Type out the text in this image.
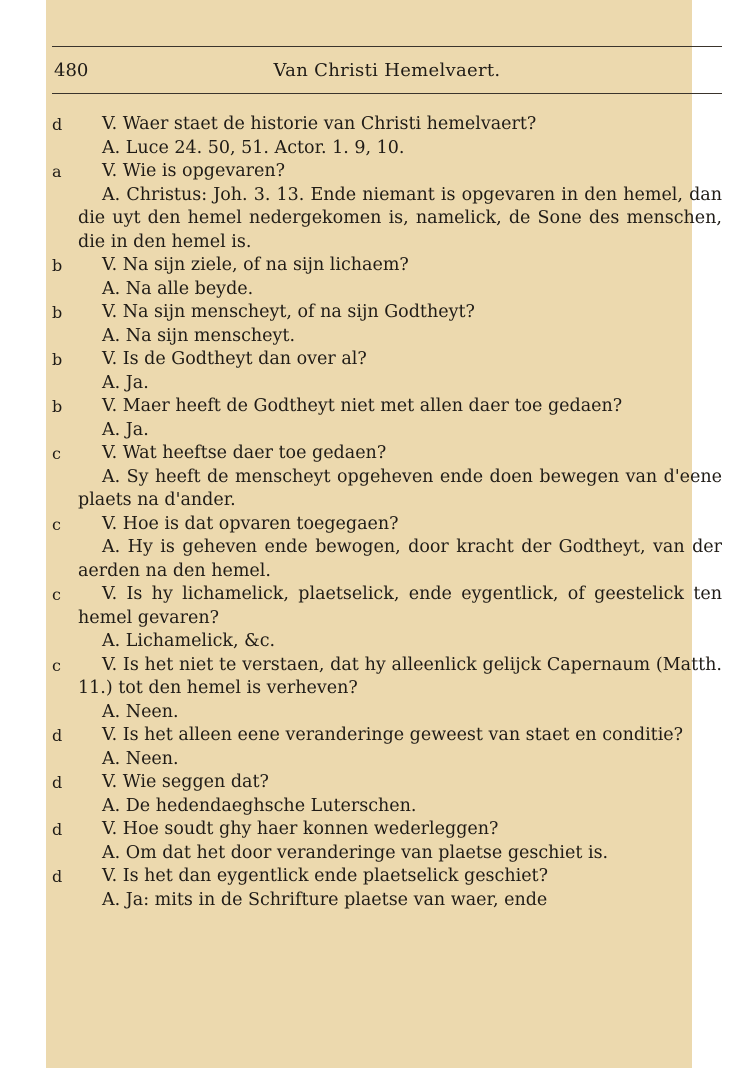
480	Van Christi Hemelvaert.
d	V. Waer staet de historie van Christi hemelvaert?
A. Luce 24. 50, 51. Actor. 1. 9, 10.
a	V. Wie is opgevaren?
A. Christus: Joh. 3. 13. Ende niemant is opgevaren in den hemel, dan die uyt den hemel nedergekomen is, namelick, de Sone des menschen, die in den hemel is.
b	V. Na sijn ziele, of na sijn lichaem?
A. Na alle beyde.
b	V. Na sijn menscheyt, of na sijn Godtheyt?
A. Na sijn menscheyt.
b	V. Is de Godtheyt dan over al?
A. Ja.
b	V. Maer heeft de Godtheyt niet met allen daer toe gedaen?
A. Ja.
c	V. Wat heeftse daer toe gedaen?
A. Sy heeft de menscheyt opgeheven ende doen bewegen van d'eene plaets na d'ander.
c	V. Hoe is dat opvaren toegegaen?
A. Hy is geheven ende bewogen, door kracht der Godtheyt, van der aerden na den hemel.
c	V. Is hy lichamelick, plaetselick, ende eygentlick, of geestelick ten hemel gevaren?
A. Lichamelick, &c.
c	V. Is het niet te verstaen, dat hy alleenlick gelijck Capernaum (Matth. 11.) tot den hemel is verheven?
A. Neen.
d	V. Is het alleen eene veranderinge geweest van staet en conditie?
A. Neen.
d	V. Wie seggen dat?
A. De hedendaeghsche Luterschen.
d	V. Hoe soudt ghy haer konnen wederleggen?
A. Om dat het door veranderinge van plaetse geschiet is.
d	V. Is het dan eygentlick ende plaetselick geschiet?
A. Ja: mits in de Schrifture plaetse van waer, ende
